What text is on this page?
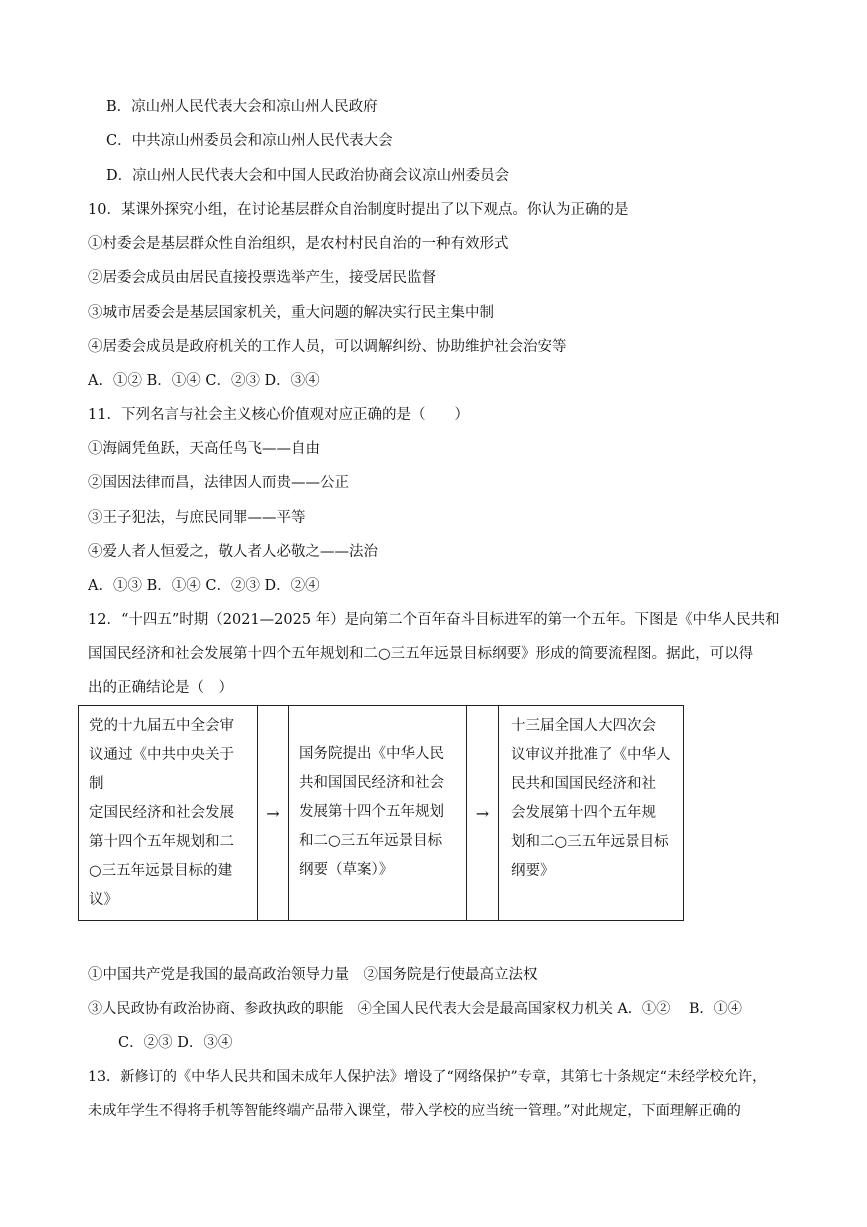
B．凉山州人民代表大会和凉山州人民政府
C．中共凉山州委员会和凉山州人民代表大会
D．凉山州人民代表大会和中国人民政治协商会议凉山州委员会
10．某课外探究小组，在讨论基层群众自治制度时提出了以下观点。你认为正确的是
①村委会是基层群众性自治组织，是农村村民自治的一种有效形式
②居委会成员由居民直接投票选举产生，接受居民监督
③城市居委会是基层国家机关，重大问题的解决实行民主集中制
④居委会成员是政府机关的工作人员，可以调解纠纷、协助维护社会治安等
A．①② B．①④ C．②③ D．③④
11．下列名言与社会主义核心价值观对应正确的是（　　）
①海阔凭鱼跃，天高任鸟飞——自由
②国因法律而昌，法律因人而贵——公正
③王子犯法，与庶民同罪——平等
④爱人者人恒爱之，敬人者人必敬之——法治
A．①③ B．①④ C．②③ D．②④
12．“十四五”时期（2021—2025 年）是向第二个百年奋斗目标进军的第一个五年。下图是《中华人民共和
国国民经济和社会发展第十四个五年规划和二○三五年远景目标纲要》形成的简要流程图。据此，可以得
出的正确结论是（　）
党的十九届五中全会审
议通过《中共中央关于制
定国民经济和社会发展
第十四个五年规划和二
○三五年远景目标的建
议》
→
国务院提出《中华人民
共和国国民经济和社会
发展第十四个五年规划
和二○三五年远景目标
纲要（草案）》
→
十三届全国人大四次会
议审议并批准了《中华人
民共和国国民经济和社
会发展第十四个五年规
划和二○三五年远景目标
纲要》
①中国共产党是我国的最高政治领导力量　②国务院是行使最高立法权
③人民政协有政治协商、参政执政的职能　④全国人民代表大会是最高国家权力机关 A．①②　 B．①④
C．②③ D．③④
13．新修订的《中华人民共和国未成年人保护法》增设了“网络保护”专章，其第七十条规定“未经学校允许，
未成年学生不得将手机等智能终端产品带入课堂，带入学校的应当统一管理。”对此规定，下面理解正确的
